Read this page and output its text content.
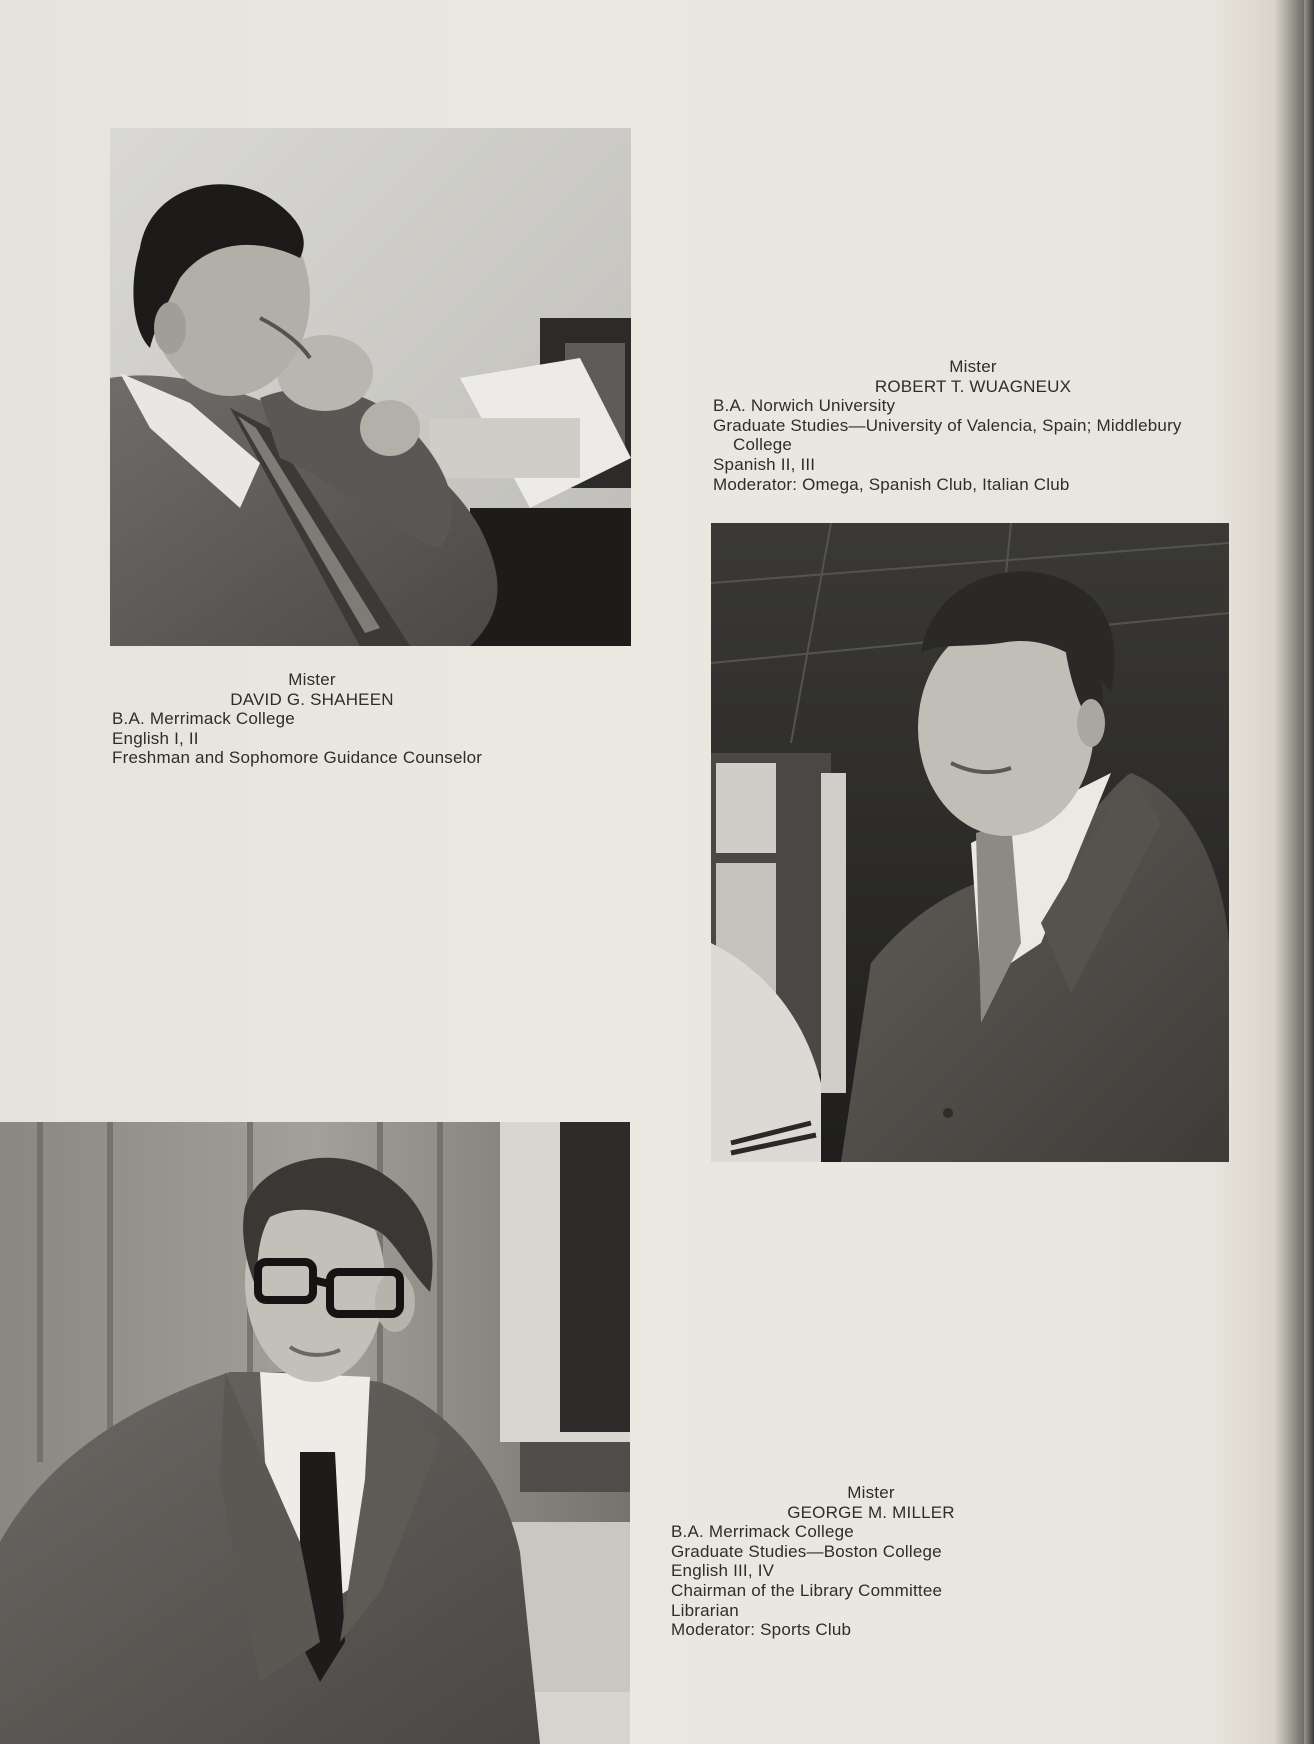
Mister
DAVID G. SHAHEEN
B.A. Merrimack College
English I, II
Freshman and Sophomore Guidance Counselor
Mister
ROBERT T. WUAGNEUX
B.A. Norwich University
Graduate Studies—University of Valencia, Spain; Middlebury
College
Spanish II, III
Moderator: Omega, Spanish Club, Italian Club
Mister
GEORGE M. MILLER
B.A. Merrimack College
Graduate Studies—Boston College
English III, IV
Chairman of the Library Committee
Librarian
Moderator: Sports Club
